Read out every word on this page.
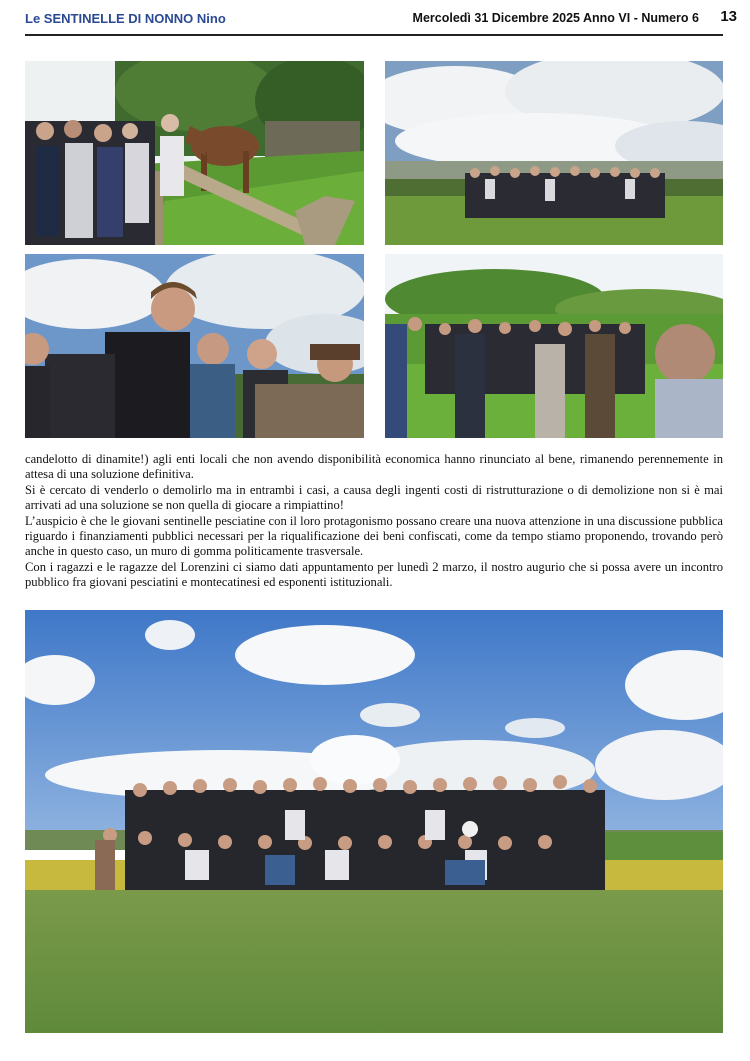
Le SENTINELLE DI NONNO Nino	Mercoledì 31 Dicembre 2025 Anno VI - Numero 6 13

candelotto di dinamite!) agli enti locali che non avendo disponibilità economica hanno rinunciato al bene, rimanendo perennemente in attesa di una soluzione definitiva.

Si è cercato di venderlo o demolirlo ma in entrambi i casi, a causa degli ingenti costi di ristrutturazione o di demolizione non si è mai arrivati ad una soluzione se non quella di giocare a rimpiattino!

L’auspicio è che le giovani sentinelle pesciatine con il loro protagonismo possano creare una nuova attenzione in una discussione pubblica riguardo i finanziamenti pubblici necessari per la riqualificazione dei beni confiscati, come da tempo stiamo proponendo, trovando però anche in questo caso, un muro di gomma politicamente trasversale.

Con i ragazzi e le ragazze del Lorenzini ci siamo dati appuntamento per lunedì 2 marzo, il nostro augurio che si possa avere un incontro pubblico fra giovani pesciatini e montecatinesi ed esponenti istituzionali.
